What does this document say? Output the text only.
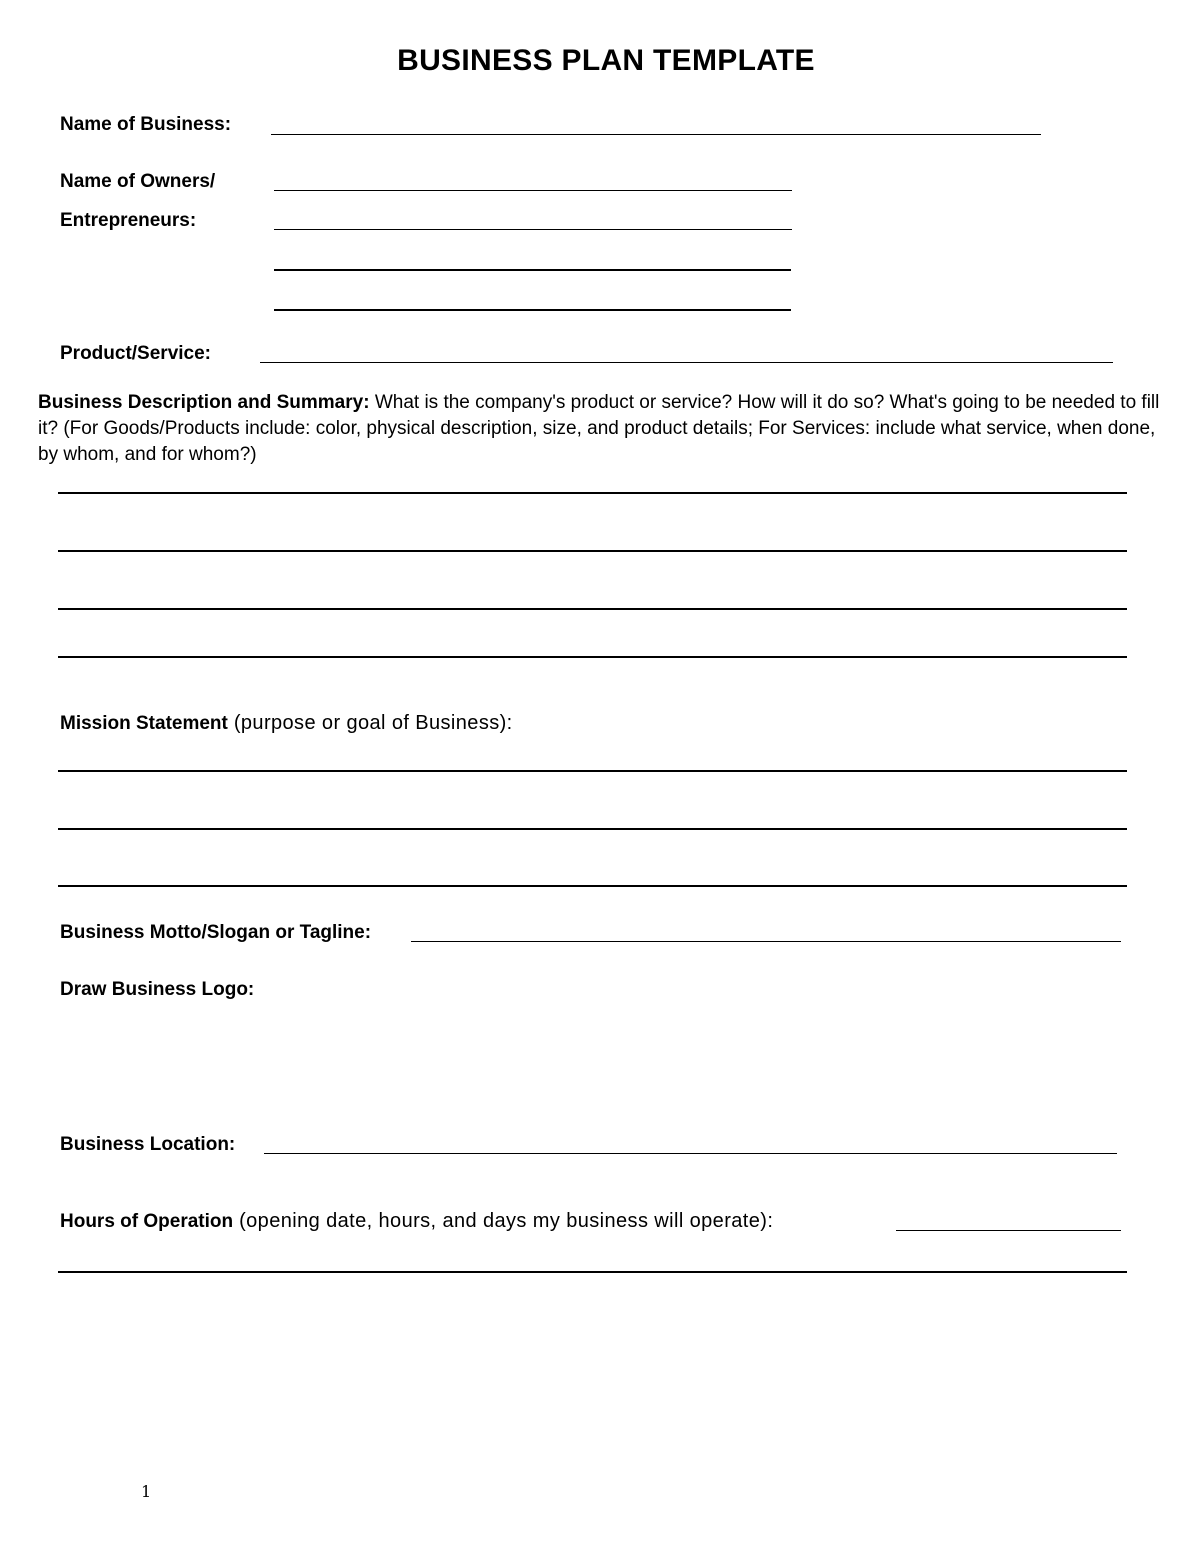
BUSINESS PLAN TEMPLATE
Name of Business:
Name of Owners/
Entrepreneurs:
Product/Service:
Business Description and Summary: What is the company's product or service? How will it do so? What's going to be needed to fill it? (For Goods/Products include: color, physical description, size, and product details; For Services: include what service, when done, by whom, and for whom?)
Mission Statement (purpose or goal of Business):
Business Motto/Slogan or Tagline:
Draw Business Logo:
Business Location:
Hours of Operation (opening date, hours, and days my business will operate):
1
